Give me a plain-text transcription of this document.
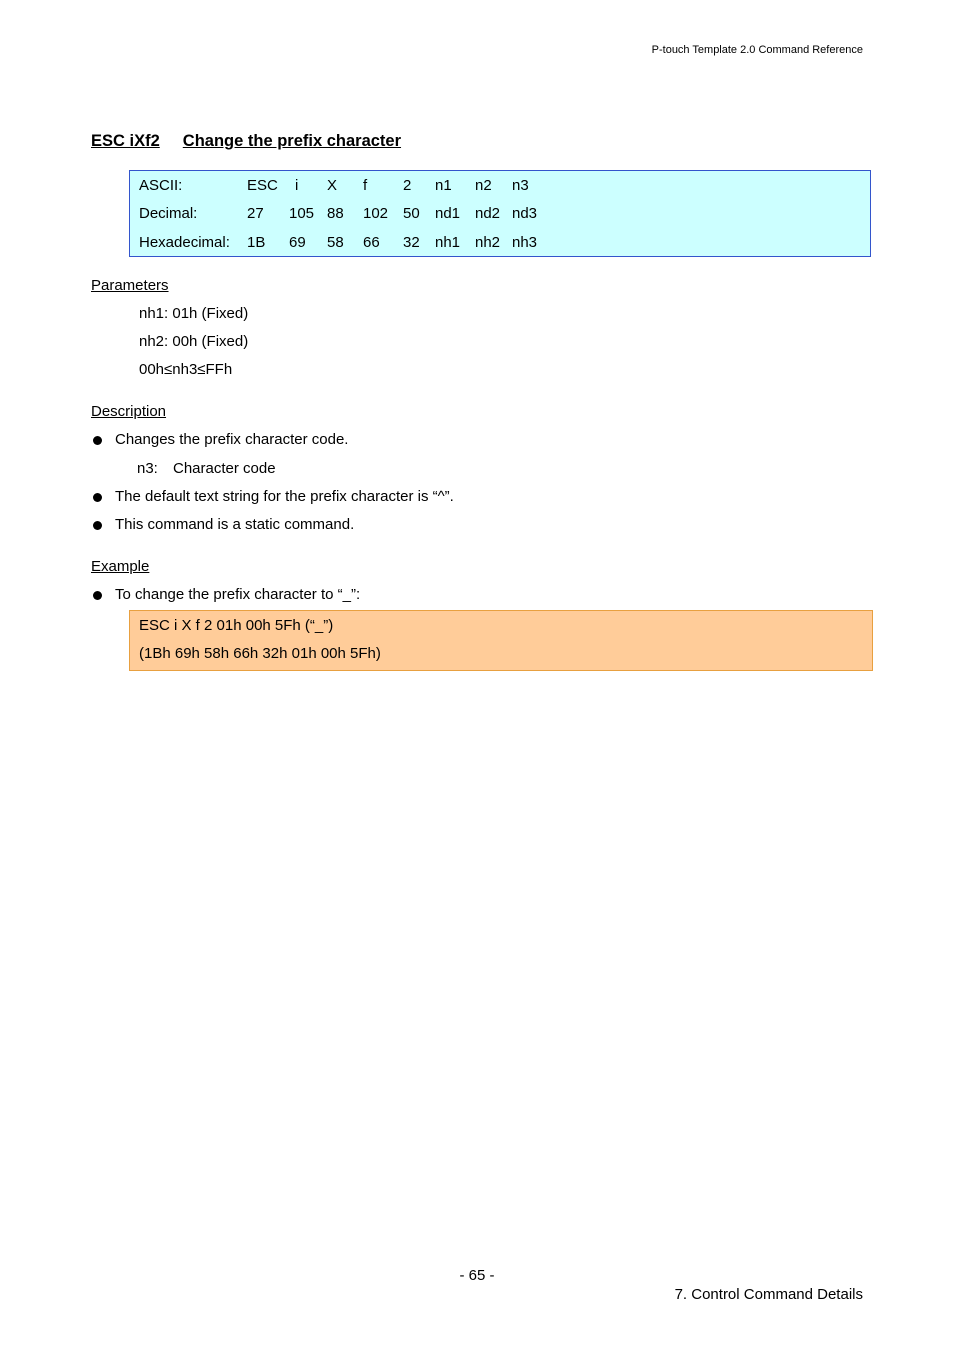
P-touch Template 2.0 Command Reference
ESC iXf2 Change the prefix character
ASCII:	ESC i X f 2 n1 n2 n3
Decimal:	27 105 88 102 50 nd1 nd2 nd3
Hexadecimal: 1B 69 58 66 32 nh1 nh2 nh3
Parameters
nh1: 01h (Fixed)
nh2: 00h (Fixed)
00h≤nh3≤FFh
Description
Changes the prefix character code.
n3: Character code
The default text string for the prefix character is “^”.
This command is a static command.
Example
To change the prefix character to “_”:
ESC i X f 2 01h 00h 5Fh (“_”)
(1Bh 69h 58h 66h 32h 01h 00h 5Fh)
- 65 -
7. Control Command Details
